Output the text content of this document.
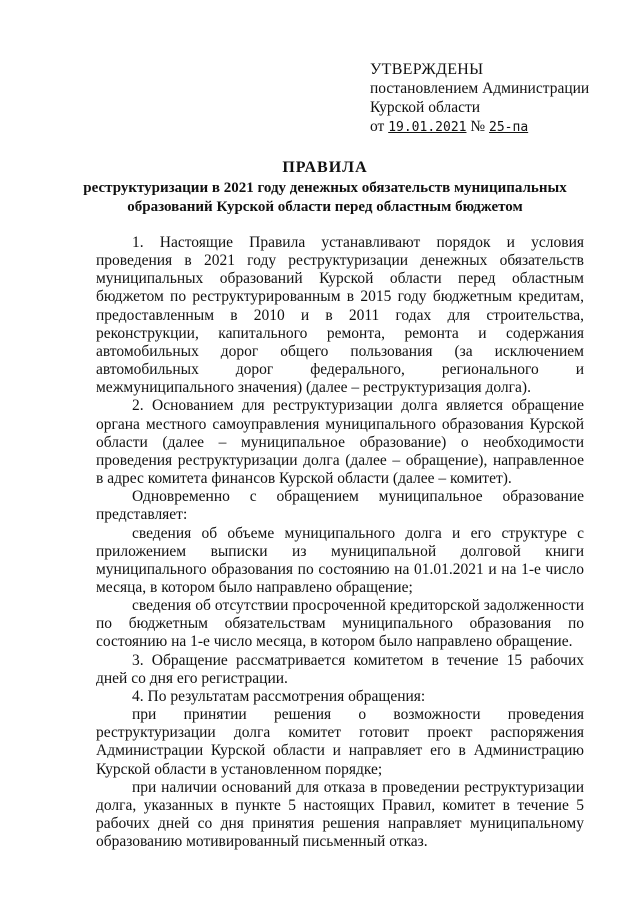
УТВЕРЖДЕНЫ
постановлением Администрации
Курской области
от 19.01.2021 № 25-па
ПРАВИЛА
реструктуризации в 2021 году денежных обязательств муниципальных
образований Курской области перед областным бюджетом

1. Настоящие Правила устанавливают порядок и условия проведения в 2021 году реструктуризации денежных обязательств муниципальных образований Курской области перед областным бюджетом по реструктурированным в 2015 году бюджетным кредитам, предоставленным в 2010 и в 2011 годах для строительства, реконструкции, капитального ремонта, ремонта и содержания автомобильных дорог общего пользования (за исключением автомобильных дорог федерального, регионального и межмуниципального значения) (далее – реструктуризация долга).

2. Основанием для реструктуризации долга является обращение органа местного самоуправления муниципального образования Курской области (далее – муниципальное образование) о необходимости проведения реструктуризации долга (далее – обращение), направленное в адрес комитета финансов Курской области (далее – комитет).

Одновременно с обращением муниципальное образование представляет:

сведения об объеме муниципального долга и его структуре с приложением выписки из муниципальной долговой книги муниципального образования по состоянию на 01.01.2021 и на 1-е число месяца, в котором было направлено обращение;

сведения об отсутствии просроченной кредиторской задолженности по бюджетным обязательствам муниципального образования по состоянию на 1-е число месяца, в котором было направлено обращение.

3. Обращение рассматривается комитетом в течение 15 рабочих дней со дня его регистрации.

4. По результатам рассмотрения обращения:

при принятии решения о возможности проведения реструктуризации долга комитет готовит проект распоряжения Администрации Курской области и направляет его в Администрацию Курской области в установленном порядке;

при наличии оснований для отказа в проведении реструктуризации долга, указанных в пункте 5 настоящих Правил, комитет в течение 5 рабочих дней со дня принятия решения направляет муниципальному образованию мотивированный письменный отказ.
